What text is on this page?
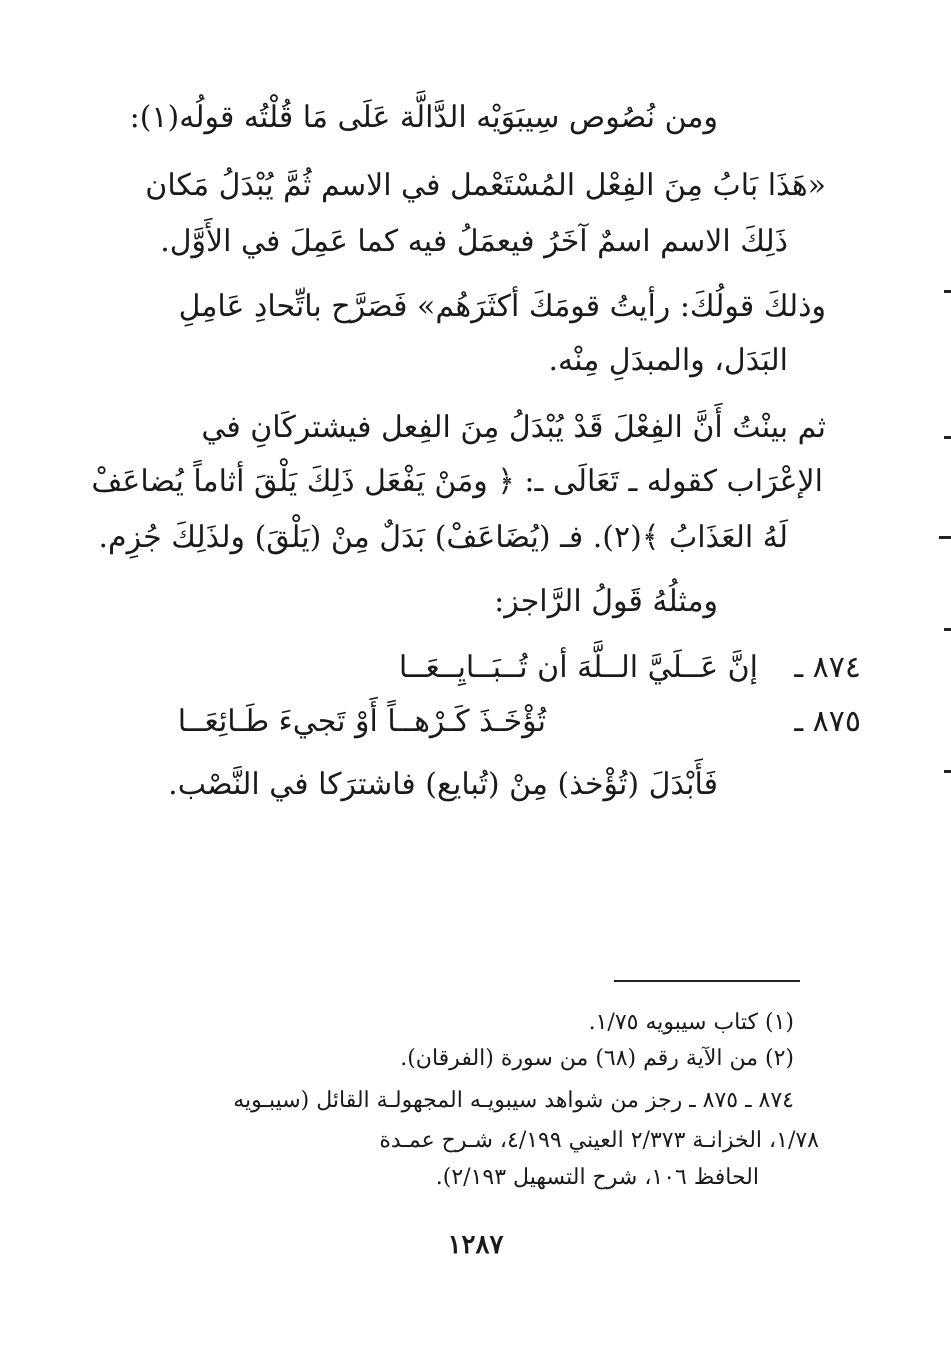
ومن نُصُوص سِيبَوَيْه الدَّالَّة عَلَى مَا قُلْتُه قولُه(١):
«هَذَا بَابُ مِنَ الفِعْل المُسْتَعْمل في الاسم ثُمَّ يُبْدَلُ مَكان
ذَلِكَ الاسم اسمٌ آخَرُ فيعمَلُ فيه كما عَمِلَ في الأَوَّل.
وذلكَ قولُكَ: رأيتُ قومَكَ أكثَرَهُم» فَصَرَّح باتِّحادِ عَامِلِ
البَدَل، والمبدَلِ مِنْه.
ثم بينْتُ أَنَّ الفِعْلَ قَدْ يُبْدَلُ مِنَ الفِعل فيشتركَانِ في
الإعْرَاب كقوله ـ تَعَالَى ـ: ﴿ ومَنْ يَفْعَل ذَلِكَ يَلْقَ أثاماً يُضاعَفْ
لَهُ العَذَابُ ﴾(٢). فـ (يُضَاعَفْ) بَدَلٌ مِنْ (يَلْقَ) ولذَلِكَ جُزِم.
ومثلُهُ قَولُ الرَّاجز:
٨٧٤ ـ
إنَّ عَــلَيَّ الــلَّهَ أن تُــبَــايِــعَــا
٨٧٥ ـ
تُؤْخَـذَ كَـرْهــاً أَوْ تَجيءَ طَـائِعَــا
فَأَبْدَلَ (تُؤْخذ) مِنْ (تُبايع) فاشترَكا في النَّصْب.
(١) كتاب سيبويه ١/٧٥.
(٢) من الآية رقم (٦٨) من سورة (الفرقان).
٨٧٤ ـ ٨٧٥ ـ رجز من شواهد سيبويـه المجهولـة القائل (سيبـويه
١/٧٨، الخزانـة ٢/٣٧٣ العيني ٤/١٩٩، شـرح عمـدة
الحافظ ١٠٦، شرح التسهيل ٢/١٩٣).
١٢٨٧
